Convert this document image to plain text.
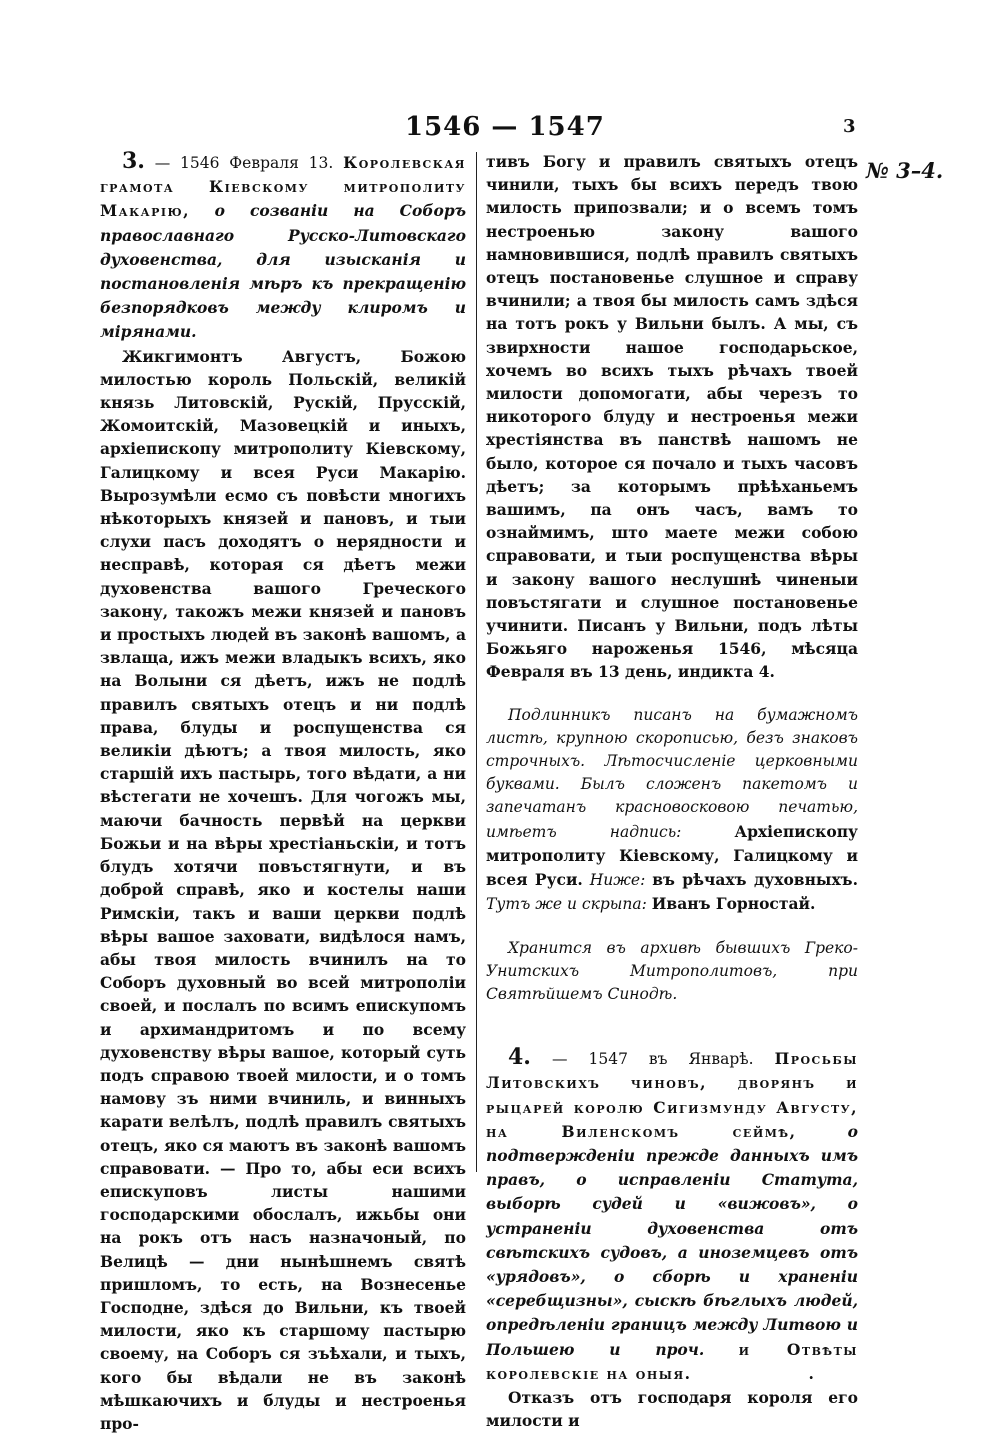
1546 — 1547	3
№ 3–4.

3. — 1546 Февраля 13. Королевская грамота Кіевскому митрополиту Макарію, о созваніи на Соборъ православнаго Русско-Литовскаго духовенства, для изысканія и постановленія мѣръ къ прекращенію безпорядковъ между клиромъ и мірянами.

Жикгимонтъ Августъ, Божою милостью король Польскій, великій князь Литовскій, Рускій, Прусскій, Жомоитскій, Мазовецкій и иныхъ, архіепископу митрополиту Кіевскому, Галицкому и всея Руси Макарію. Вырозумѣли есмо съ повѣсти многихъ нѣкоторыхъ князей и пановъ, и тыи слухи пасъ доходятъ о нерядности и несправѣ, которая ся дѣетъ межи духовенства вашого Греческого закону, такожъ межи князей и пановъ и простыхъ людей въ законѣ вашомъ, а звлаща, ижъ межи владыкъ всихъ, яко на Волыни ся дѣетъ, ижъ не подлѣ правилъ святыхъ отецъ и ни подлѣ права, блуды и роспущенства ся великіи дѣютъ; а твоя милость, яко старшій ихъ пастырь, того вѣдати, а ни вѣстегати не хочешъ. Для чогожъ мы, маючи бачность первѣй на церкви Божьи и на вѣры хрестіаньскіи, и тотъ блудъ хотячи повъстягнути, и въ доброй справѣ, яко и костелы наши Римскіи, такъ и ваши церкви подлѣ вѣры вашое заховати, видѣлося намъ, абы твоя милость вчинилъ на то Соборъ духовный во всей митрополіи своей, и послалъ по всимъ епискупомъ и архимандритомъ и по всему духовенству вѣры вашое, который суть подъ справою твоей милости, и о томъ намову зъ ними вчиниль, и винныхъ карати велѣлъ, подлѣ правилъ святыхъ отецъ, яко ся маютъ въ законѣ вашомъ справовати. — Про то, абы еси всихъ епискуповъ листы нашими господарскими обослалъ, ижьбы они на рокъ отъ насъ назначоный, по Велицѣ — дни нынѣшнемъ святѣ пришломъ, то есть, на Вознесенье Господне, здѣся до Вильни, къ твоей милости, яко къ старшому пастырю своему, на Соборъ ся зъѣхали, и тыхъ, кого бы вѣдали не въ законѣ мѣшкаючихъ и блуды и нестроенья про-

тивъ Богу и правилъ святыхъ отецъ чинили, тыхъ бы всихъ передъ твою милость припозвали; и о всемъ томъ нестроенью закону вашого намновившися, подлѣ правилъ святыхъ отецъ постановенье слушное и справу вчинили; а твоя бы милость самъ здѣся на тотъ рокъ у Вильни былъ. А мы, съ звирхности нашое господарьское, хочемъ во всихъ тыхъ рѣчахъ твоей милости допомогати, абы черезъ то никоторого блуду и нестроенья межи хрестіянства въ панствѣ нашомъ не было, которое ся почало и тыхъ часовъ дѣетъ; за которымъ прѣѣханьемъ вашимъ, па онъ часъ, вамъ то ознаймимъ, што маете межи собою справовати, и тыи роспущенства вѣры и закону вашого неслушнѣ чиненыи повъстягати и слушное постановенье учинити. Писанъ у Вильни, подъ лѣты Божьяго нароженья 1546, мѣсяца Февраля въ 13 день, индикта 4.

Подлинникъ писанъ на бумажномъ листѣ, крупною скорописью, безъ знаковъ строчныхъ. Лѣтосчисленіе церковными буквами. Былъ сложенъ пакетомъ и запечатанъ красновосковою печатью, имѣетъ надпись:	Архіепископу митрополиту Кіевскому, Галицкому и всея Руси. Ниже: въ рѣчахъ духовныхъ. Тутъ же и скрыпа: Иванъ Горностай.

Хранится въ архивѣ бывшихъ Греко-Унитскихъ Митрополитовъ, при Святѣйшемъ Синодѣ.

4. — 1547 въ Январѣ. Просьбы Литовскихъ чиновъ, дворянъ и рыцарей королю Сигизмунду Августу, на Виленскомъ сеймѣ,	о подтвержденіи прежде данныхъ имъ правъ, о исправленіи Статута, выборѣ судей и «вижовъ», о устраненіи духовенства отъ свѣтскихъ судовъ, а иноземцевъ отъ «урядовъ», о сборѣ и храненіи «серебщизны», сыскѣ бѣглыхъ людей, опредѣленіи границъ между Литвою и Польшею и проч. и Отвѣты королевскіе на оныя.	.

Отказъ отъ господаря короля его милости и
